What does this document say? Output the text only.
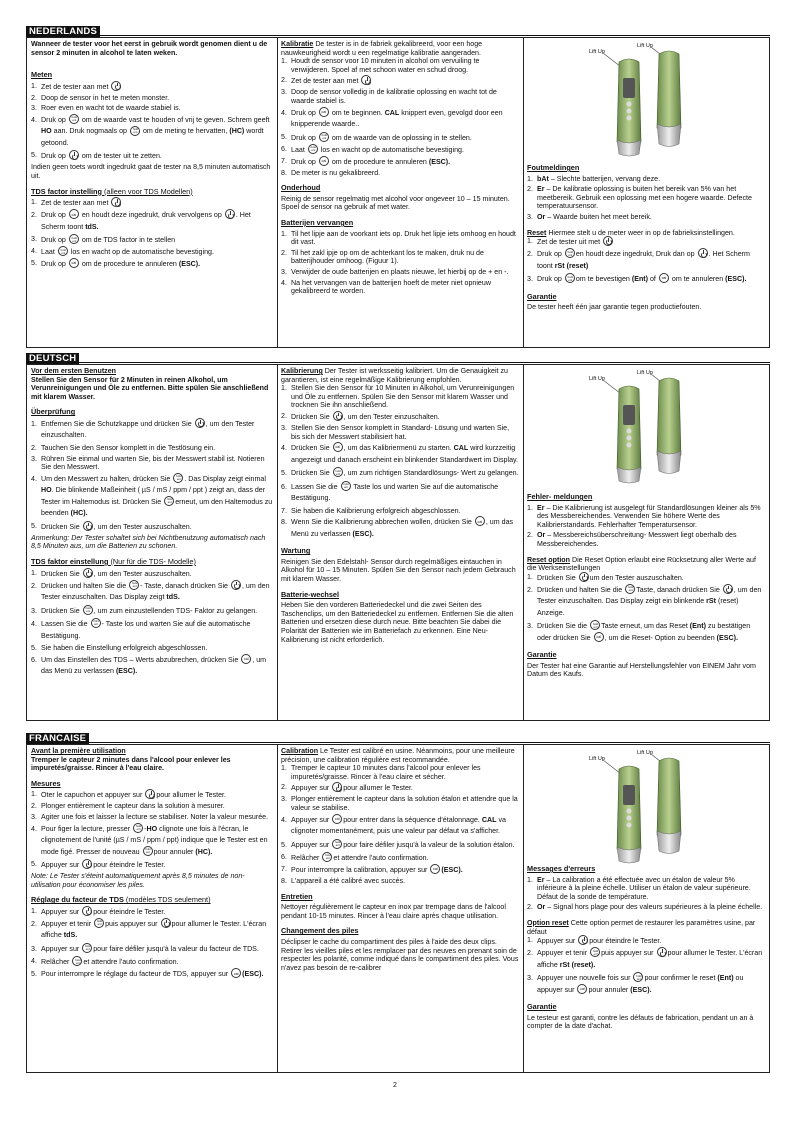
NEDERLANDS

Wanneer de tester voor het eerst in gebruik wordt genomen dient u de sensor 2 minuten in alcohol te laten weken.

Meten

Zet de tester aan met
Doop de sensor in het te meten monster.
Roer even en wacht tot de waarde stabiel is.
Druk op hold ent om de waarde vast te houden of vrij te geven. Schrem geeft HO aan. Druk nogmaals op hold ent om de meting te hervatten, (HC) wordt getoond.
Druk op om de tester uit te zetten.

Indien geen toets wordt ingedrukt gaat de tester na 8,5 minuten automatisch uit.

TDS factor instelling (alleen voor TDS Modellen)

Zet de tester aan met
Druk op cal en houdt deze ingedrukt, druk vervolgens op . Het Scherm toont tdS.
Druk op hold ent om de TDS factor in te stellen
Laat hold ent los en wacht op de automatische bevestiging.
Druk op cal om de procedure te annuleren (ESC).

Kalibratie De tester is in de fabriek gekalibreerd, voor een hoge nauwkeurigheid wordt u een regelmatige kalibratie aangeraden.

Houdt de sensor voor 10 minuten in alcohol om vervuiling te verwijderen. Spoel af met schoon water en schud droog.
Zet de tester aan met
Doop de sensor volledig in de kalibratie oplossing en wacht tot de waarde stabiel is.
Druk op cal om te beginnen. CAL knippert even, gevolgd door een knipperende waarde..
Druk op hold ent om de waarde van de oplossing in te stellen.
Laat hold ent los en wacht op de automatische bevestiging.
Druk op cal om de procedure te annuleren (ESC).
De meter is nu gekalibreerd.

Onderhoud

Reinig de sensor regelmatig met alcohol voor ongeveer 10 – 15 minuten. Spoel de sensor na gebruik af met water.

Batterijen vervangen

Til het lipje aan de voorkant iets op. Druk het lipje iets omhoog en houdt dit vast.
Til het zakl ipje op om de achterkant los te maken, druk nu de batterijhouder omhoog. (Figuur 1).
Verwijder de oude batterijen en plaats nieuwe, let hierbij op de + en -.
Na het vervangen van de batterijen hoeft de meter niet opnieuw gekalibreerd te worden.
Lift Up
Lift Up

Foutmeldingen

bAt – Slechte batterijen, vervang deze.
Er – De kalibratie oplossing is buiten het bereik van 5% van het meetbereik. Gebruik een oplossing met een hogere waarde. Defecte temperatuursensor.
Or – Waarde buiten het meet bereik.

Reset Hiermee stelt u de meter weer in op de fabrieksinstellingen.

Zet de tester uit met
Druk op hold ent en houdt deze ingedrukt, Druk dan op . Het Scherm toont rSt (reset)
Druk op hold ent om te bevestigen (Ent) of cal om te annuleren (ESC).

Garantie

De tester heeft één jaar garantie tegen productiefouten.

DEUTSCH

Vor dem ersten Benutzen

Stellen Sie den Sensor für 2 Minuten in reinen Alkohol, um Verunreinigungen und Öle zu entfernen. Bitte spülen Sie anschließend mit klarem Wasser.

Überprüfung

Entfernen Sie die Schutzkappe und drücken Sie , um den Tester einzuschalten.
Tauchen Sie den Sensor komplett in die Testlösung ein.
Rühren Sie einmal und warten Sie, bis der Messwert stabil ist. Notieren Sie den Messwert.
Um den Messwert zu halten, drücken Sie hold ent . Das Display zeigt einmal HO. Die blinkende Maßeinheit ( µS / mS / ppm / ppt ) zeigt an, dass der Tester im Haltemodus ist. Drücken Sie hold ent erneut, um den Haltemodus zu beenden (HC).
Drücken Sie , um den Tester auszuschalten.

Anmerkung: Der Tester schaltet sich bei Nichtbenutzung automatisch nach 8,5 Minuten aus, um die Batterien zu schonen.

TDS faktor einstellung (Nur für die TDS- Modelle)

Drücken Sie , um den Tester auszuschalten.
Drücken und halten Sie die hold ent - Taste, danach drücken Sie , um den Tester einzuschalten. Das Display zeigt tdS.
Drücken Sie hold ent , um zum einzustellenden TDS- Faktor zu gelangen.
Lassen Sie die hold ent - Taste los und warten Sie auf die automatische Bestätigung.
Sie haben die Einstellung erfolgreich abgeschlossen.
Um das Einstellen des TDS – Werts abzubrechen, drücken Sie cal , um das Menü zu verlassen (ESC).

Kalibrierung Der Tester ist werksseitig kalibriert. Um die Genauigkeit zu garantieren, ist eine regelmäßige Kalibrierung empfohlen.

Stellen Sie den Sensor für 10 Minuten in Alkohol, um Verunreinigungen und Öle zu entfernen. Spülen Sie den Sensor mit klarem Wasser und trocknen Sie ihn anschließend.
Drücken Sie , um den Tester einzuschalten.
Stellen Sie den Sensor komplett in Standard- Lösung und warten Sie, bis sich der Messwert stabilisiert hat.
Drücken Sie cal , um das Kalibriermenü zu starten. CAL wird kurzzeitig angezeigt und danach erscheint ein blinkender Standardwert im Display.
Drücken Sie hold ent , um zum richtigen Standardlösungs- Wert zu gelangen.
Lassen Sie die hold ent Taste los und warten Sie auf die automatische Bestätigung.
Sie haben die Kalibrierung erfolgreich abgeschlossen.
Wenn Sie die Kalibrierung abbrechen wollen, drücken Sie cal , um das Menü zu verlassen (ESC).

Wartung

Reinigen Sie den Edelstahl- Sensor durch regelmäßiges eintauchen in Alkohol für 10 – 15 Minuten. Spülen Sie den Sensor nach jedem Gebrauch mit klarem Wasser.

Batterie-wechsel

Heben Sie den vorderen Batteriedeckel und die zwei Seiten des Taschenclips, um den Batteriedeckel zu entfernen. Entfernen Sie die alten Batterien und ersetzen diese durch neue. Bitte beachten Sie dabei die Polarität der Batterien wie im Batteriefach zu erkennen. Eine Neu- Kalibrierung ist nicht erforderlich.

Lift Up
Lift Up

Fehler- meldungen

Er – Die Kalibrierung ist ausgelegt für Standardlösungen kleiner als 5% des Messbereichendes. Verwenden Sie höhere Werte des Kalibrierstandards. Fehlerhafter Temperatursensor.
Or – Messbereichsüberschreitung- Messwert liegt oberhalb des Messbereichendes.

Reset option Die Reset Option erlaubt eine Rücksetzung aller Werte auf die Werkseinstellungen

Drücken Sie um den Tester auszuschalten.
Drücken und halten Sie die hold ent Taste, danach drücken Sie , um den Tester einzuschalten. Das Display zeigt ein blinkende rSt (reset) Anzeige.
Drücken Sie die hold ent Taste erneut, um das Reset (Ent) zu bestätigen oder drücken Sie cal , um die Reset- Option zu beenden (ESC).

Garantie

Der Tester hat eine Garantie auf Herstellungsfehler von EINEM Jahr vom Datum des Kaufs.

FRANCAISE

Avant la première utilisation

Tremper le capteur 2 minutes dans l'alcool pour enlever les impuretés/graisse. Rincer à l'eau claire.

Mesures

Oter le capuchon et appuyer sur pour allumer le Tester.
Plonger entièrement le capteur dans la solution à mesurer.
Agiter une fois et laisser la lecture se stabiliser. Noter la valeur mesurée.
Pour figer la lecture, presser hold ent -HO clignote une fois à l'écran, le clignotement de l'unité (µS / mS / ppm / ppt) indique que le Tester est en mode figé. Presser de nouveau hold ent pour annuler (HC).
Appuyer sur pour éteindre le Tester.

Note: Le Tester s'éteint automatiquement après 8,5 minutes de non-utilisation pour économiser les piles.

Réglage du facteur de TDS (modèles TDS seulement)

Appuyer sur pour éteindre le Tester.
Appuyer et tenir hold ent puis appuyer sur pour allumer le Tester. L'écran affiche tdS.
Appuyer sur hold ent pour faire défiler jusqu'à la valeur du facteur de TDS.
Relâcher hold ent et attendre l'auto confirmation.
Pour interrompre le réglage du facteur de TDS, appuyer sur cal (ESC).

Calibration Le Tester est calibré en usine. Néanmoins, pour une meilleure précision, une calibration régulière est recommandée.

Tremper le capteur 10 minutes dans l'alcool pour enlever les impuretés/graisse. Rincer à l'eau claire et sécher.
Appuyer sur pour allumer le Tester.
Plonger entièrement le capteur dans la solution étalon et attendre que la valeur se stabilise.
Appuyer sur cal pour entrer dans la séquence d'étalonnage. CAL va clignoter momentanément, puis une valeur par défaut va s'afficher.
Appuyer sur hold ent pour faire défiler jusqu'à la valeur de la solution étalon.
Relâcher hold ent et attendre l'auto confirmation.
Pour interrompre la calibration, appuyer sur cal (ESC).
L'appareil a été calibré avec succès.

Entretien

Nettoyer régulièrement le capteur en inox par trempage dans de l'alcool pendant 10-15 minutes. Rincer à l'eau claire après chaque utilisation.

Changement des piles

Déclipser le cache du compartiment des piles à l'aide des deux clips. Retirer les vieilles piles et les remplacer par des neuves en prenant soin de respecter les polarité, comme indiqué dans le compartiment des piles. Vous n'avez pas besoin de re-calibrer

Lift Up
Lift Up

Messages d'erreurs

Er – La calibration a été effectuée avec un étalon de valeur 5% inférieure à la pleine échelle. Utiliser un étalon de valeur supérieure. Défaut de la sonde de température.
Or – Signal hors plage pour des valeurs supérieures à la pleine échelle.

Option reset Cette option permet de restaurer les paramètres usine, par défaut

Appuyer sur pour éteindre le Tester.
Appuyer et tenir hold ent puis appuyer sur pour allumer le Tester. L'écran affiche rSt (reset).
Appuyer une nouvelle fois sur hold ent pour confirmer le reset (Ent) ou appuyer sur cal pour annuler (ESC).

Garantie

Le testeur est garanti, contre les défauts de fabrication, pendant un an à compter de la date d'achat.

2
